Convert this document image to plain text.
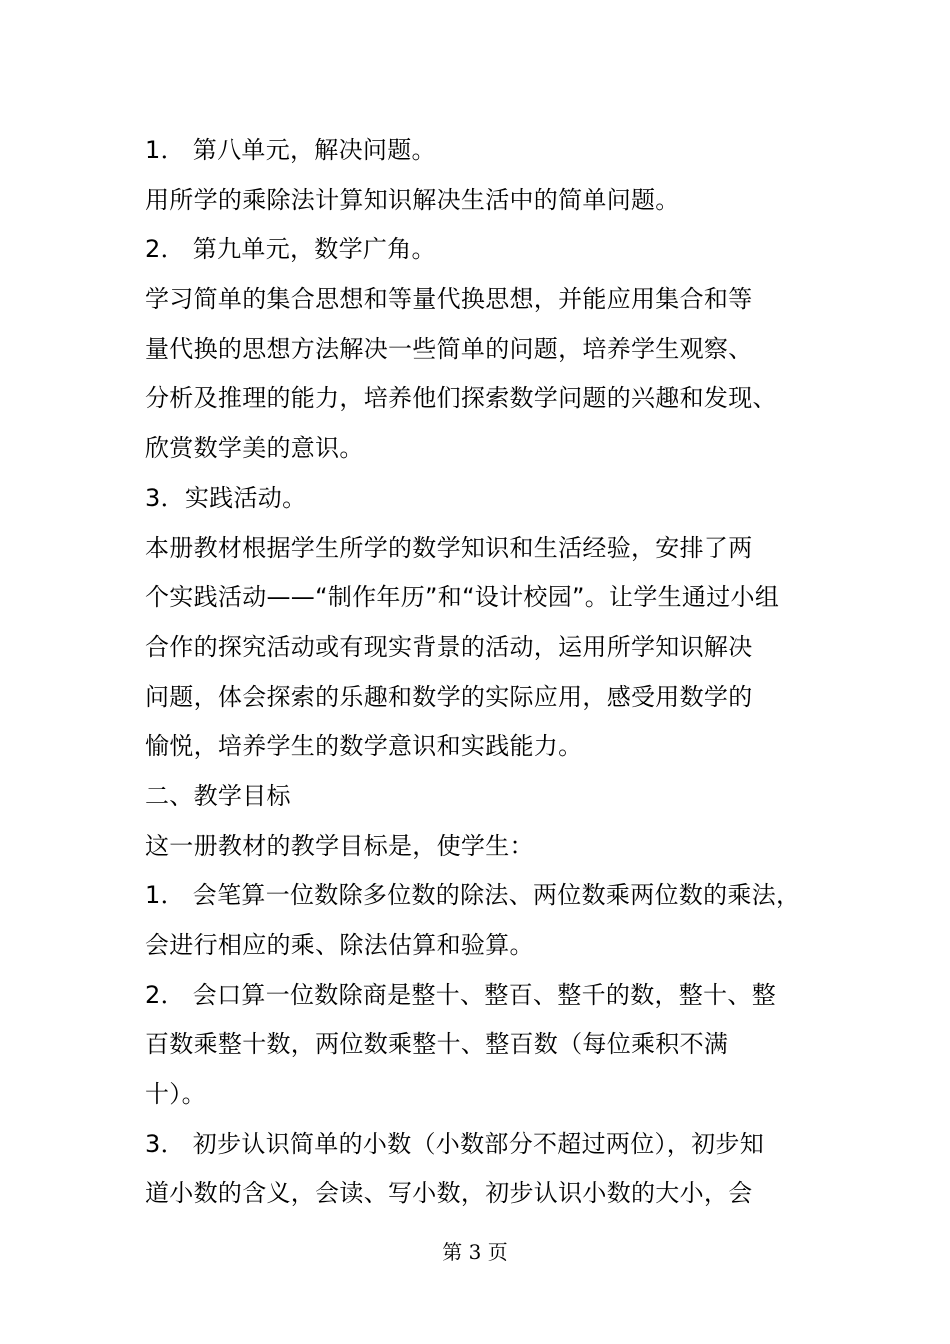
1． 第八单元，解决问题。
用所学的乘除法计算知识解决生活中的简单问题。
2． 第九单元，数学广角。
学习简单的集合思想和等量代换思想，并能应用集合和等
量代换的思想方法解决一些简单的问题，培养学生观察、
分析及推理的能力，培养他们探索数学问题的兴趣和发现、
欣赏数学美的意识。
3．实践活动。
本册教材根据学生所学的数学知识和生活经验，安排了两
个实践活动——“制作年历”和“设计校园”。让学生通过小组
合作的探究活动或有现实背景的活动，运用所学知识解决
问题，体会探索的乐趣和数学的实际应用，感受用数学的
愉悦，培养学生的数学意识和实践能力。
二、教学目标
这一册教材的教学目标是，使学生：
1． 会笔算一位数除多位数的除法、两位数乘两位数的乘法，
会进行相应的乘、除法估算和验算。
2． 会口算一位数除商是整十、整百、整千的数，整十、整
百数乘整十数，两位数乘整十、整百数（每位乘积不满
十）。
3． 初步认识简单的小数（小数部分不超过两位），初步知
道小数的含义，会读、写小数，初步认识小数的大小，会
第 3 页
